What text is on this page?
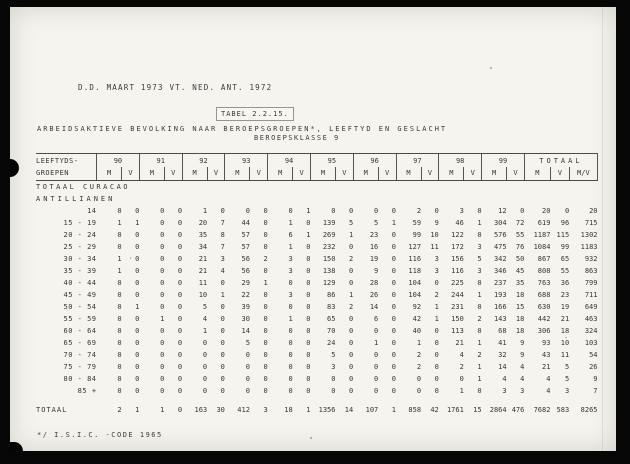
D.D. MAART 1973 VT. NED. ANT. 1972
TABEL 2.2.15.
ARBEIDSAKTIEVE BEVOLKING NAAR BEROEPSGROEPEN*, LEEFTYD EN GESLACHT
BEROEPSKLASSE 9
LEEFTYDS-	90		91		92		93		94		95		96		97		98		99		TOTAAL		
GROEPEN	M	V	M	V	M	V	M	V	M	V	M	V	M	V	M	V	M	V	M	V	M	V	M/V
TOTAAL CURACAO																							
ANTILLIANEN																							
14	0	0	0	0	1	0	0	0	0	1	0	0	0	0	2	0	3	0	12	0	20	0	20
15 - 19	1	1	0	0	20	7	44	0	1	0	139	5	5	1	59	9	46	1	304	72	619	96	715
20 - 24	0	0	0	0	35	8	57	0	6	1	269	1	23	0	99	10	122	0	576	55	1187	115	1302
25 - 29	0	0	0	0	34	7	57	0	1	0	232	0	16	0	127	11	172	3	475	76	1084	99	1183
30 - 34	1	0	0	0	21	3	56	2	3	0	150	2	19	0	116	3	156	5	342	50	867	65	932
35 - 39	1	0	0	0	21	4	56	0	3	0	138	0	9	0	118	3	116	3	346	45	808	55	863
40 - 44	0	0	0	0	11	0	29	1	0	0	129	0	28	0	104	0	225	0	237	35	763	36	799
45 - 49	0	0	0	0	10	1	22	0	3	0	86	1	26	0	104	2	244	1	193	18	688	23	711
50 - 54	0	1	0	0	5	0	39	0	0	0	83	2	14	0	92	1	231	0	166	15	630	19	649
55 - 59	0	0	1	0	4	0	30	0	1	0	65	0	6	0	42	1	150	2	143	18	442	21	463
60 - 64	0	0	0	0	1	0	14	0	0	0	70	0	0	0	40	0	113	0	68	18	306	18	324
65 - 69	0	0	0	0	0	0	5	0	0	0	24	0	1	0	1	0	21	1	41	9	93	10	103
70 - 74	0	0	0	0	0	0	0	0	0	0	5	0	0	0	2	0	4	2	32	9	43	11	54
75 - 79	0	0	0	0	0	0	0	0	0	0	3	0	0	0	2	0	2	1	14	4	21	5	26
80 - 84	0	0	0	0	0	0	0	0	0	0	0	0	0	0	0	0	0	1	4	4	4	5	9
85 +	0	0	0	0	0	0	0	0	0	0	0	0	0	0	0	0	1	0	3	3	4	3	7

TOTAAL	2	1	1	0	163	30	412	3	18	1	1356	14	107	1	858	42	1761	15	2864	476	7682	583	8265
*/ I.S.I.C. -CODE 1965
